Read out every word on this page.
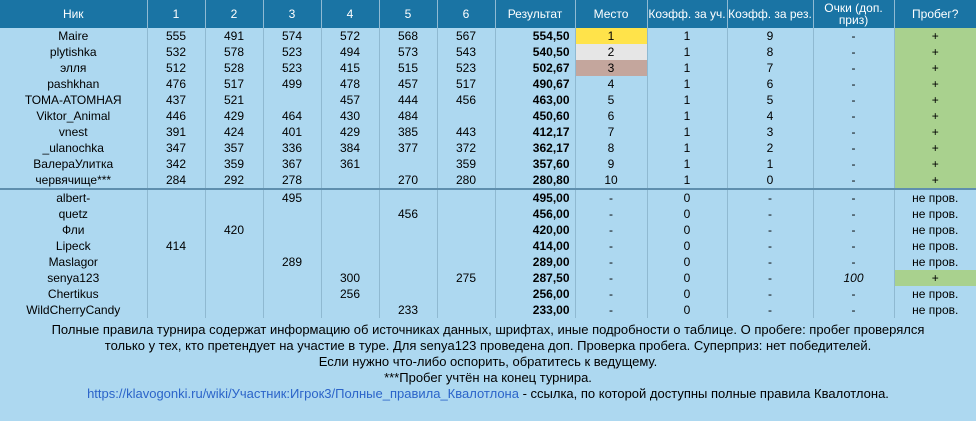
Ник	1	2	3	4	5	6	Результат	Место	Коэфф. за уч.	Коэфф. за рез.	Очки (доп. приз)	Пробег?
Maire	555	491	574	572	568	567	554,50	1	1	9	-	+
plytishka	532	578	523	494	573	543	540,50	2	1	8	-	+
элля	512	528	523	415	515	523	502,67	3	1	7	-	+
pashkhan	476	517	499	478	457	517	490,67	4	1	6	-	+
ТОМА-АТОМНАЯ	437	521		457	444	456	463,00	5	1	5	-	+
Viktor_Animal	446	429	464	430	484		450,60	6	1	4	-	+
vnest	391	424	401	429	385	443	412,17	7	1	3	-	+
_ulanochka	347	357	336	384	377	372	362,17	8	1	2	-	+
ВалераУлитка	342	359	367	361		359	357,60	9	1	1	-	+
червячище***	284	292	278		270	280	280,80	10	1	0	-	+
albert-			495				495,00	-	0	-	-	не пров.
quetz					456		456,00	-	0	-	-	не пров.
Фли		420					420,00	-	0	-	-	не пров.
Lipeck	414						414,00	-	0	-	-	не пров.
Maslagor			289				289,00	-	0	-	-	не пров.
senya123				300		275	287,50	-	0	-	100	+
Chertikus				256			256,00	-	0	-	-	не пров.
WildCherryCandy					233		233,00	-	0	-	-	не пров.
Полные правила турнира содержат информацию об источниках данных, шрифтах, иные подробности о таблице. О пробеге: пробег проверялся
только у тех, кто претендует на участие в туре. Для senya123 проведена доп. Проверка пробега. Суперприз: нет победителей.
Если нужно что-либо оспорить, обратитесь к ведущему.
***Пробег учтён на конец турнира.
https://klavogonki.ru/wiki/Участник:Игрок3/Полные_правила_Квалотлона - ссылка, по которой доступны полные правила Квалотлона.
